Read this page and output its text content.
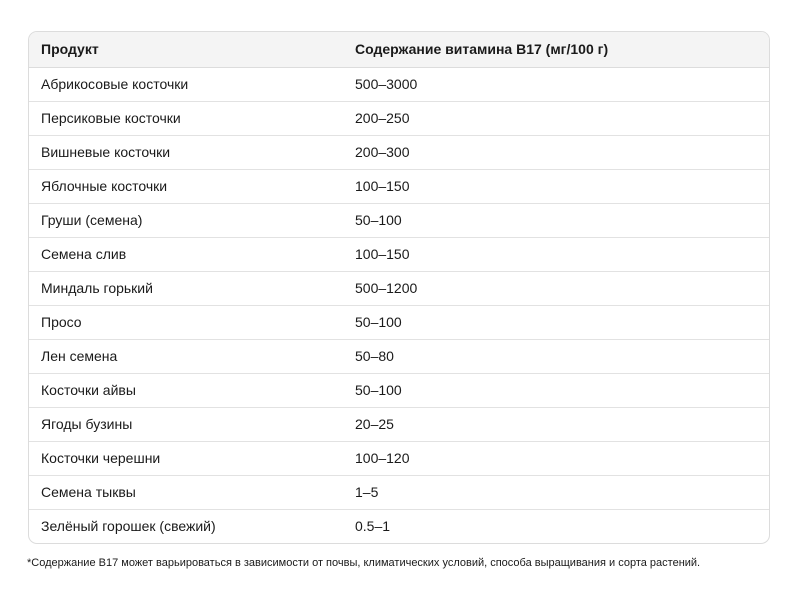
Продукт	Содержание витамина B17 (мг/100 г)
Абрикосовые косточки	500–3000
Персиковые косточки	200–250
Вишневые косточки	200–300
Яблочные косточки	100–150
Груши (семена)	50–100
Семена слив	100–150
Миндаль горький	500–1200
Просо	50–100
Лен семена	50–80
Косточки айвы	50–100
Ягоды бузины	20–25
Косточки черешни	100–120
Семена тыквы	1–5
Зелёный горошек (свежий)	0.5–1
*Содержание B17 может варьироваться в зависимости от почвы, климатических условий, способа выращивания и сорта растений.
